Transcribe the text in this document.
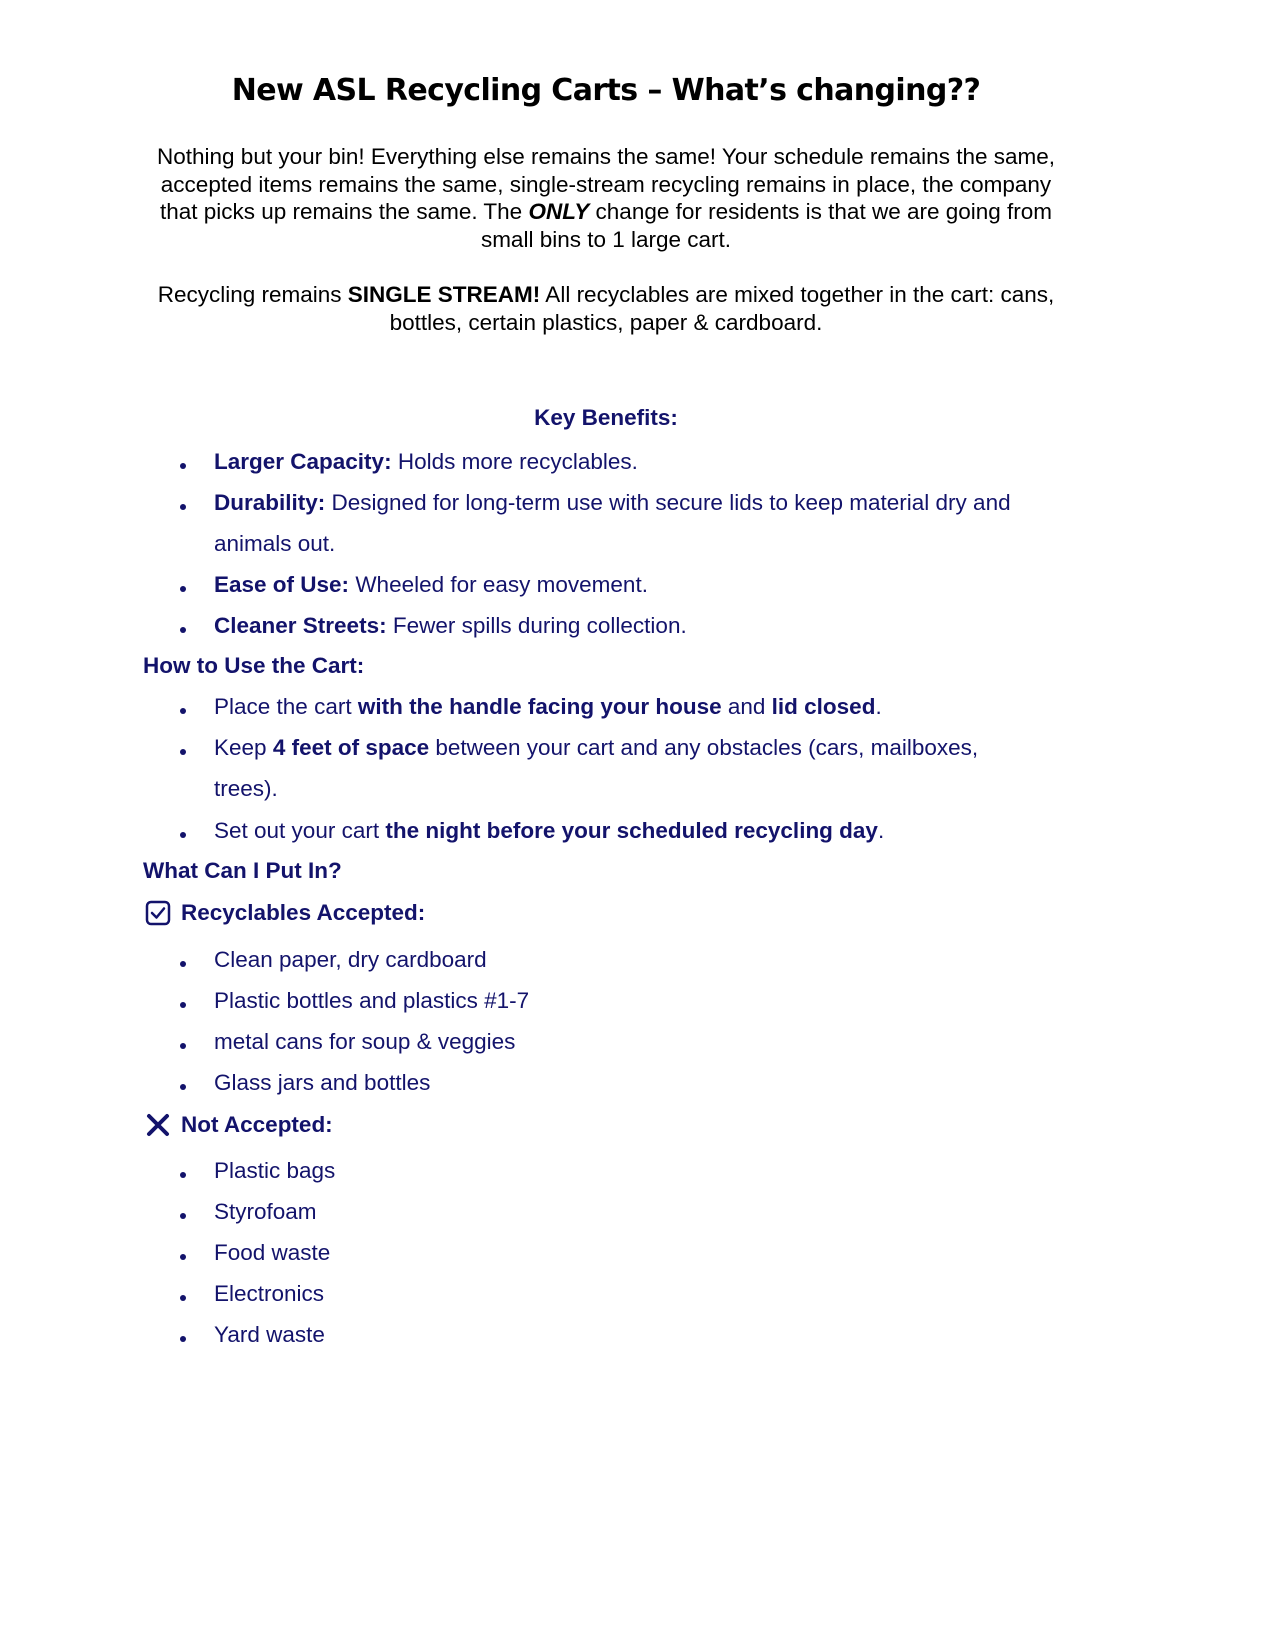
New ASL Recycling Carts – What’s changing??
Nothing but your bin! Everything else remains the same! Your schedule remains the same, accepted items remains the same, single-stream recycling remains in place, the company that picks up remains the same. The ONLY change for residents is that we are going from small bins to 1 large cart.
Recycling remains SINGLE STREAM! All recyclables are mixed together in the cart: cans, bottles, certain plastics, paper & cardboard.
Key Benefits:
Larger Capacity: Holds more recyclables.
Durability: Designed for long-term use with secure lids to keep material dry and animals out.
Ease of Use: Wheeled for easy movement.
Cleaner Streets: Fewer spills during collection.
How to Use the Cart:
Place the cart with the handle facing your house and lid closed.
Keep 4 feet of space between your cart and any obstacles (cars, mailboxes, trees).
Set out your cart the night before your scheduled recycling day.
What Can I Put In?
Recyclables Accepted:
Clean paper, dry cardboard
Plastic bottles and plastics #1-7
metal cans for soup & veggies
Glass jars and bottles
Not Accepted:
Plastic bags
Styrofoam
Food waste
Electronics
Yard waste
